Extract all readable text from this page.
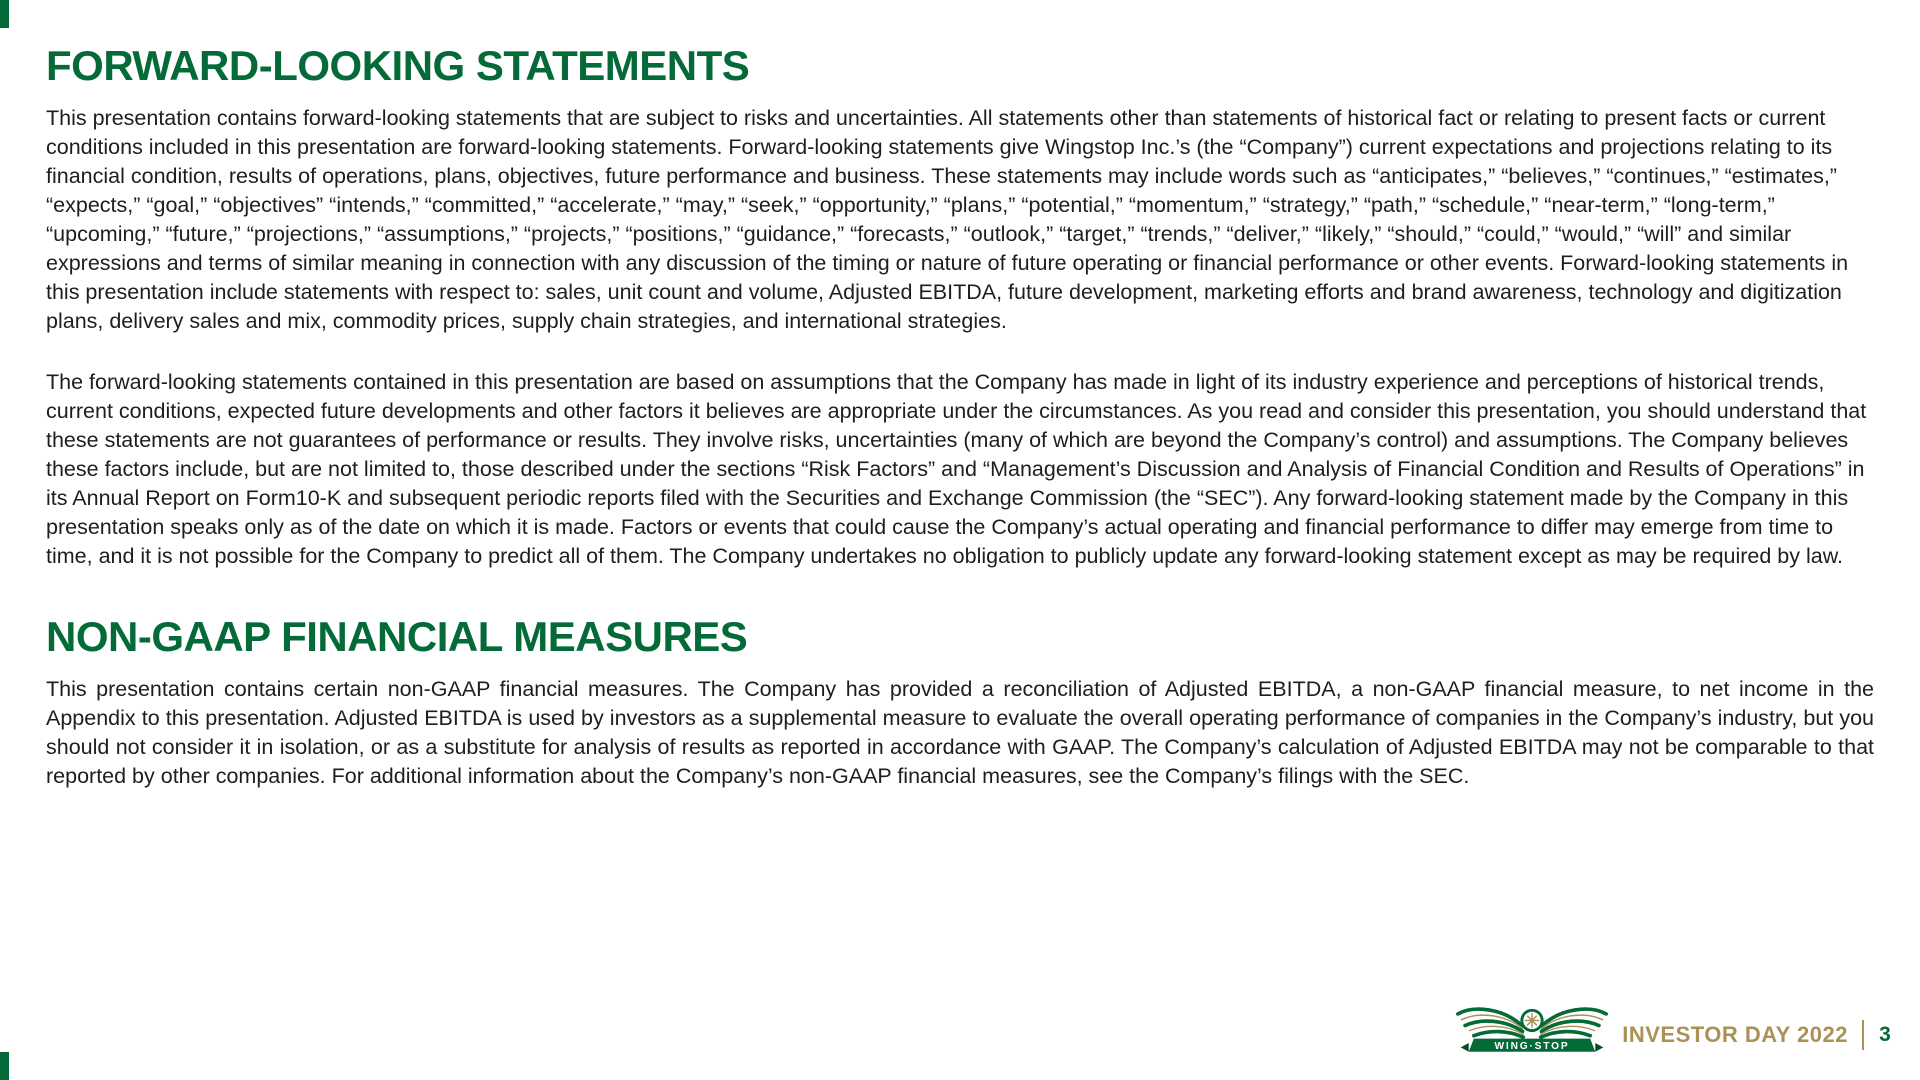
FORWARD-LOOKING STATEMENTS

This presentation contains forward-looking statements that are subject to risks and uncertainties. All statements other than statements of historical fact or relating to present facts or current conditions included in this presentation are forward-looking statements. Forward-looking statements give Wingstop Inc.’s (the “Company”) current expectations and projections relating to its financial condition, results of operations, plans, objectives, future performance and business. These statements may include words such as “anticipates,” “believes,” “continues,” “estimates,” “expects,” “goal,” “objectives” “intends,” “committed,” “accelerate,” “may,” “seek,” “opportunity,” “plans,” “potential,” “momentum,” “strategy,” “path,” “schedule,” “near-term,” “long-term,” “upcoming,” “future,” “projections,” “assumptions,” “projects,” “positions,” “guidance,” “forecasts,” “outlook,” “target,” “trends,” “deliver,” “likely,” “should,” “could,” “would,” “will” and similar expressions and terms of similar meaning in connection with any discussion of the timing or nature of future operating or financial performance or other events. Forward-looking statements in this presentation include statements with respect to: sales, unit count and volume, Adjusted EBITDA, future development, marketing efforts and brand awareness, technology and digitization plans, delivery sales and mix, commodity prices, supply chain strategies, and international strategies.

The forward-looking statements contained in this presentation are based on assumptions that the Company has made in light of its industry experience and perceptions of historical trends, current conditions, expected future developments and other factors it believes are appropriate under the circumstances. As you read and consider this presentation, you should understand that these statements are not guarantees of performance or results. They involve risks, uncertainties (many of which are beyond the Company’s control) and assumptions. The Company believes these factors include, but are not limited to, those described under the sections “Risk Factors” and “Management’s Discussion and Analysis of Financial Condition and Results of Operations” in its Annual Report on Form10-K and subsequent periodic reports filed with the Securities and Exchange Commission (the “SEC”). Any forward-looking statement made by the Company in this presentation speaks only as of the date on which it is made. Factors or events that could cause the Company’s actual operating and financial performance to differ may emerge from time to time, and it is not possible for the Company to predict all of them. The Company undertakes no obligation to publicly update any forward-looking statement except as may be required by law.

NON-GAAP FINANCIAL MEASURES

This presentation contains certain non-GAAP financial measures. The Company has provided a reconciliation of Adjusted EBITDA, a non-GAAP financial measure, to net income in the Appendix to this presentation. Adjusted EBITDA is used by investors as a supplemental measure to evaluate the overall operating performance of companies in the Company’s industry, but you should not consider it in isolation, or as a substitute for analysis of results as reported in accordance with GAAP. The Company’s calculation of Adjusted EBITDA may not be comparable to that reported by other companies. For additional information about the Company’s non-GAAP financial measures, see the Company’s filings with the SEC.

WING·STOP INVESTOR DAY 2022 3
